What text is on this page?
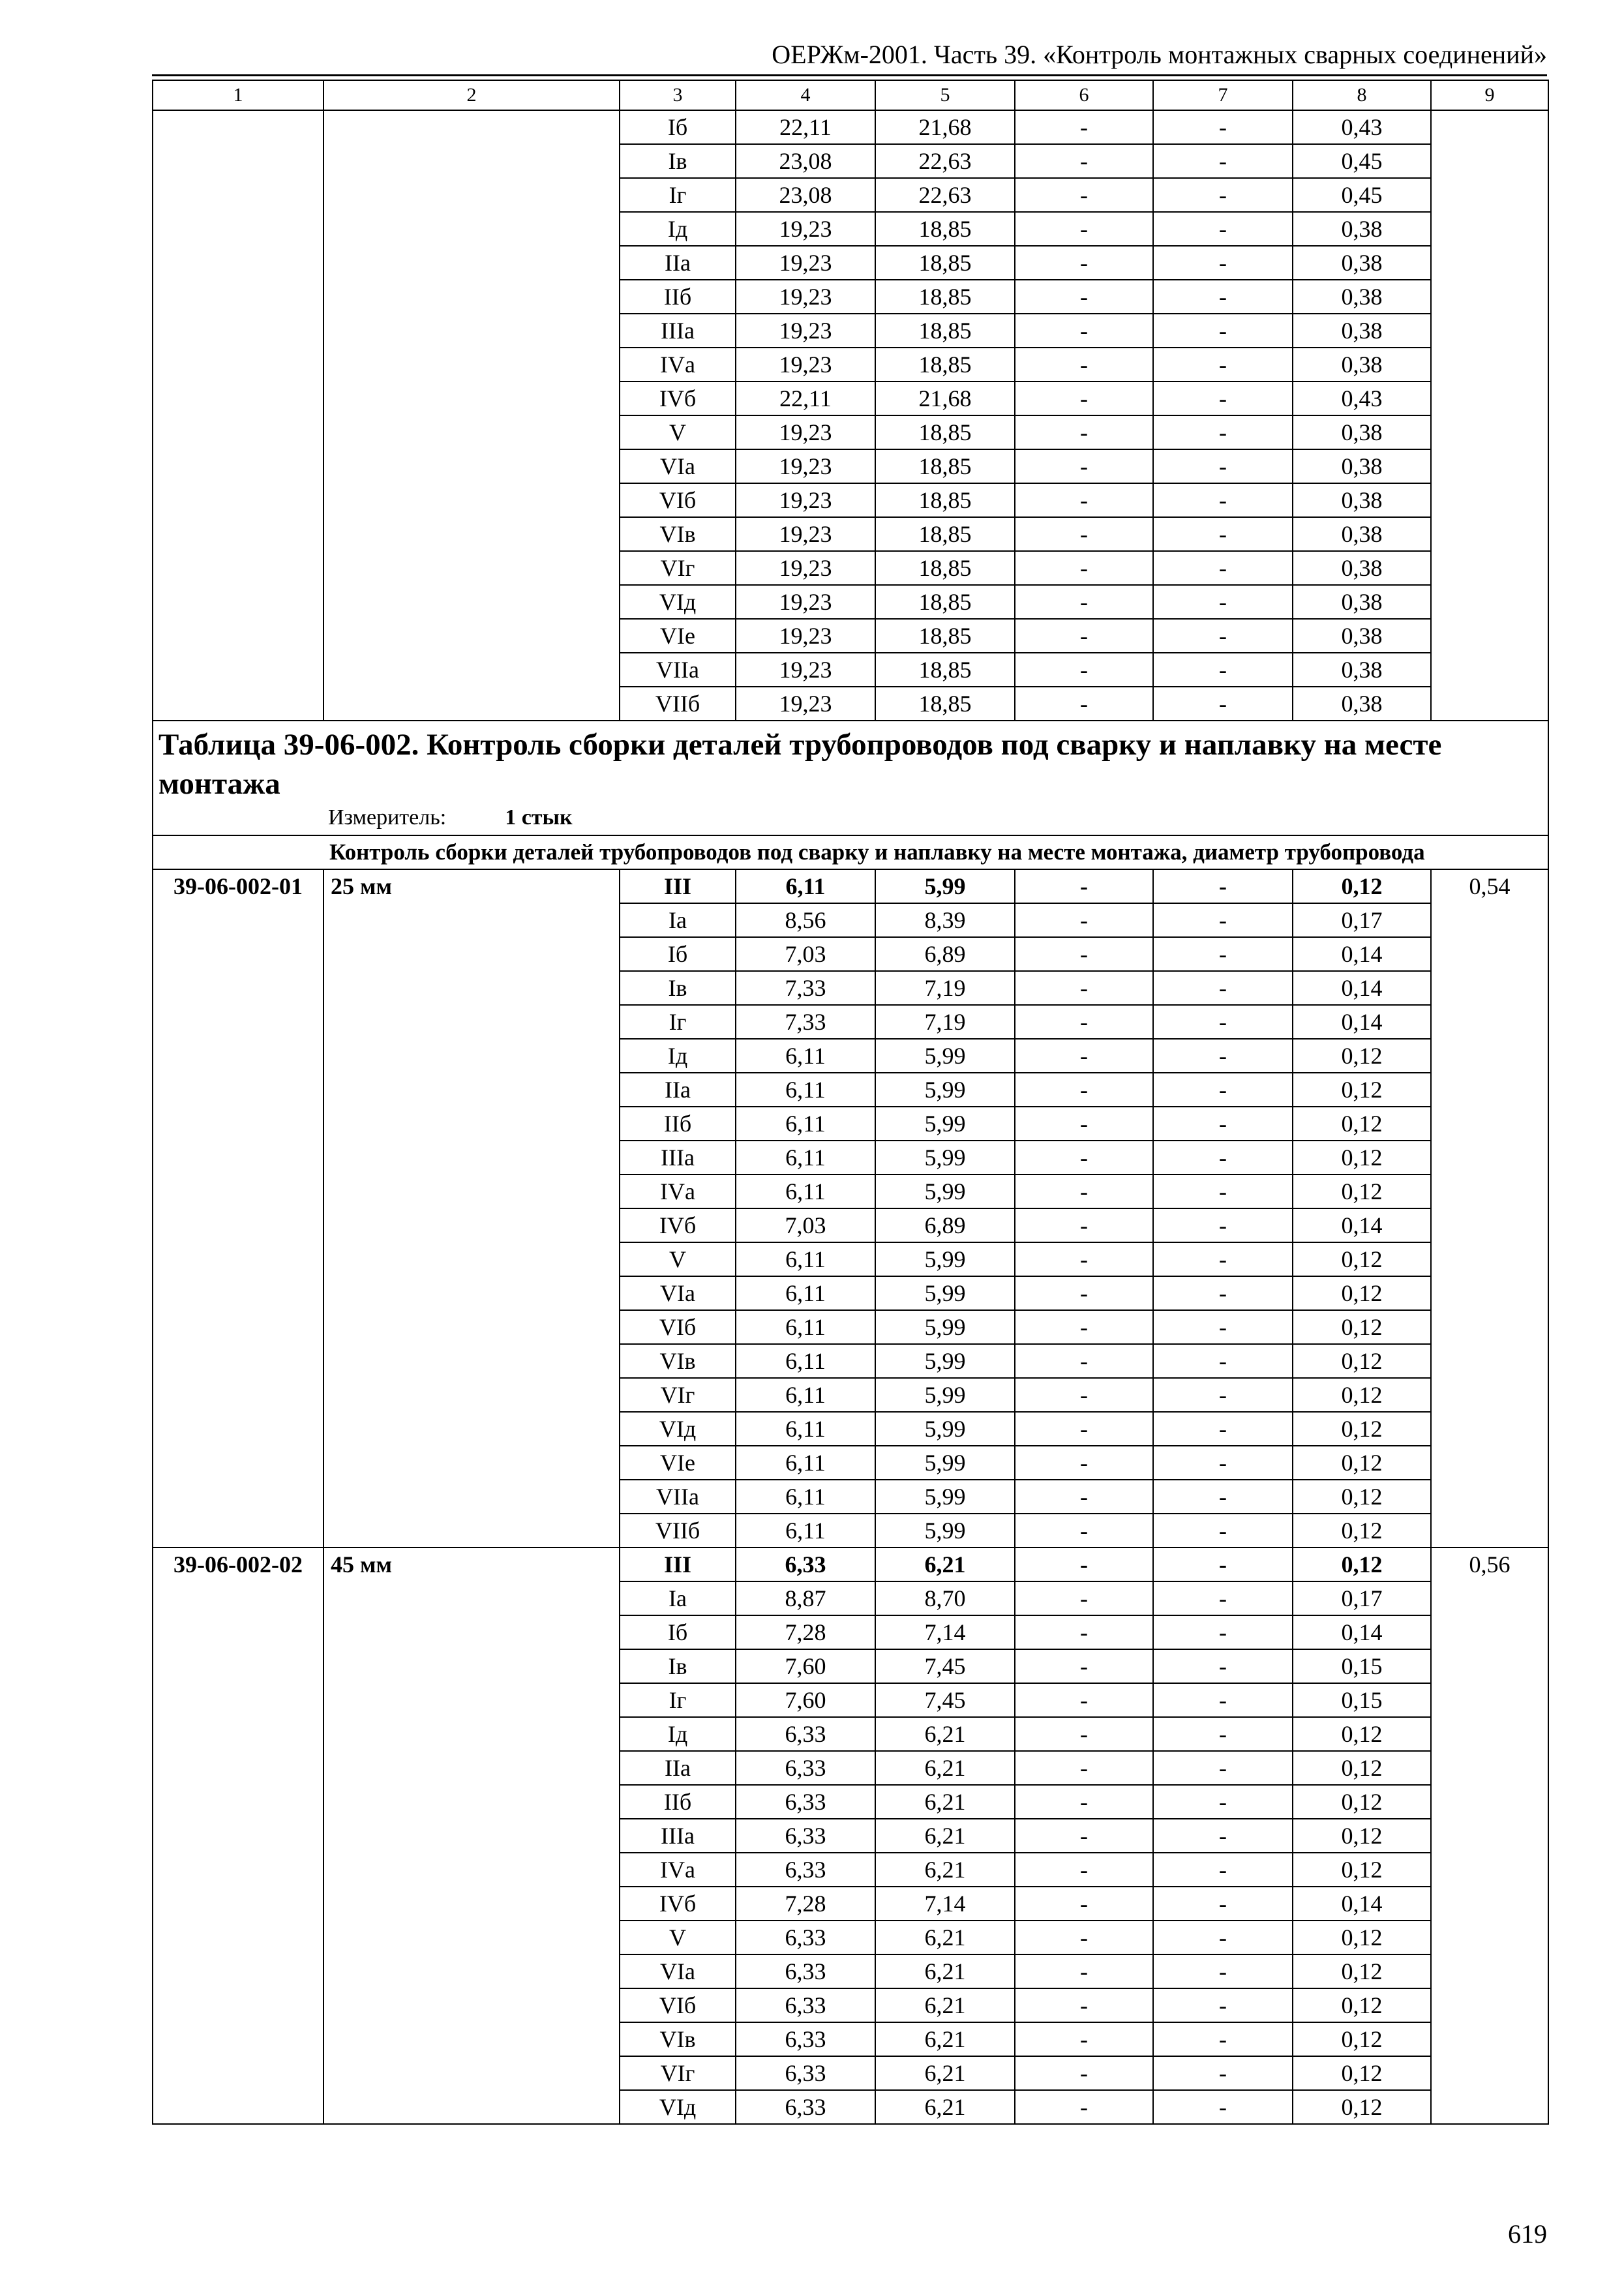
ОЕРЖм-2001. Часть 39. «Контроль монтажных сварных соединений»
1	2	3	4	5	6	7	8	9
		Iб	22,11	21,68	-	-	0,43	
		Iв	23,08	22,63	-	-	0,45	
		Iг	23,08	22,63	-	-	0,45	
		Iд	19,23	18,85	-	-	0,38	
		IIа	19,23	18,85	-	-	0,38	
		IIб	19,23	18,85	-	-	0,38	
		IIIа	19,23	18,85	-	-	0,38	
		IVа	19,23	18,85	-	-	0,38	
		IVб	22,11	21,68	-	-	0,43	
		V	19,23	18,85	-	-	0,38	
		VIа	19,23	18,85	-	-	0,38	
		VIб	19,23	18,85	-	-	0,38	
		VIв	19,23	18,85	-	-	0,38	
		VIг	19,23	18,85	-	-	0,38	
		VIд	19,23	18,85	-	-	0,38	
		VIе	19,23	18,85	-	-	0,38	
		VIIа	19,23	18,85	-	-	0,38	
		VIIб	19,23	18,85	-	-	0,38	
Таблица 39-06-002. Контроль сборки деталей трубопроводов под сварку и наплавку на месте монтажа
Измеритель: 1 стык								

Контроль сборки деталей трубопроводов под сварку и наплавку на месте монтажа, диаметр трубопровода								
39-06-002-01	25 мм	III	6,11	5,99	-	-	0,12	0,54
		Iа	8,56	8,39	-	-	0,17	
		Iб	7,03	6,89	-	-	0,14	
		Iв	7,33	7,19	-	-	0,14	
		Iг	7,33	7,19	-	-	0,14	
		Iд	6,11	5,99	-	-	0,12	
		IIа	6,11	5,99	-	-	0,12	
		IIб	6,11	5,99	-	-	0,12	
		IIIа	6,11	5,99	-	-	0,12	
		IVа	6,11	5,99	-	-	0,12	
		IVб	7,03	6,89	-	-	0,14	
		V	6,11	5,99	-	-	0,12	
		VIа	6,11	5,99	-	-	0,12	
		VIб	6,11	5,99	-	-	0,12	
		VIв	6,11	5,99	-	-	0,12	
		VIг	6,11	5,99	-	-	0,12	
		VIд	6,11	5,99	-	-	0,12	
		VIе	6,11	5,99	-	-	0,12	
		VIIа	6,11	5,99	-	-	0,12	
		VIIб	6,11	5,99	-	-	0,12	
39-06-002-02	45 мм	III	6,33	6,21	-	-	0,12	0,56
		Iа	8,87	8,70	-	-	0,17	
		Iб	7,28	7,14	-	-	0,14	
		Iв	7,60	7,45	-	-	0,15	
		Iг	7,60	7,45	-	-	0,15	
		Iд	6,33	6,21	-	-	0,12	
		IIа	6,33	6,21	-	-	0,12	
		IIб	6,33	6,21	-	-	0,12	
		IIIа	6,33	6,21	-	-	0,12	
		IVа	6,33	6,21	-	-	0,12	
		IVб	7,28	7,14	-	-	0,14	
		V	6,33	6,21	-	-	0,12	
		VIа	6,33	6,21	-	-	0,12	
		VIб	6,33	6,21	-	-	0,12	
		VIв	6,33	6,21	-	-	0,12	
		VIг	6,33	6,21	-	-	0,12	
		VIд	6,33	6,21	-	-	0,12	
619
